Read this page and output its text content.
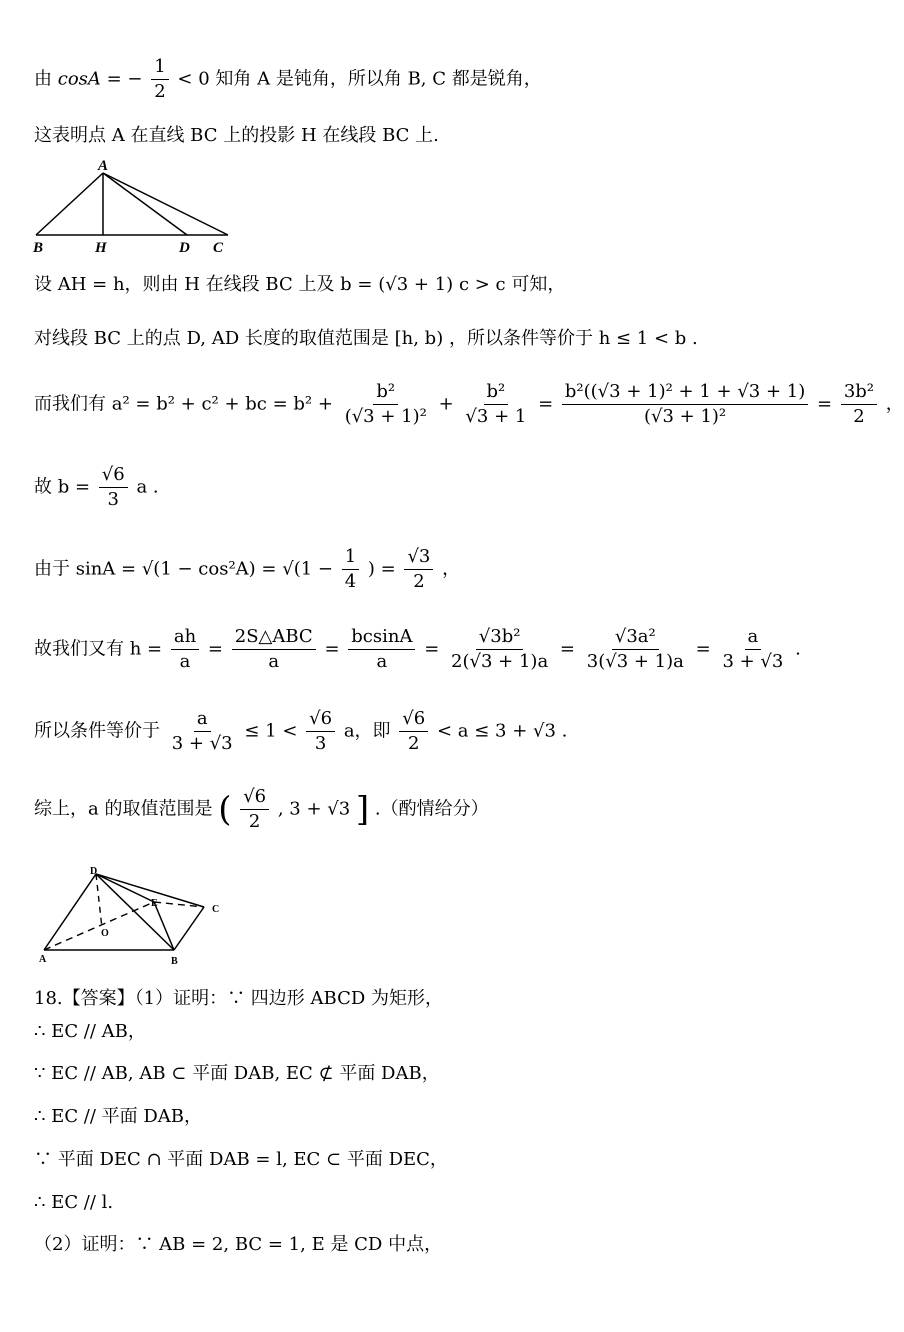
由 cosA = − $\frac{1}{2} < 0$ 知角 A 是钝角，所以角 B, C 都是锐角，
这表明点 A 在直线 BC 上的投影 H 在线段 BC 上.
A
B	H	D C
设 AH = h，则由 H 在线段 BC 上及 b = (√3 + 1) c > c 可知，
对线段 BC 上的点 D, AD 长度的取值范围是 [h, b) ，所以条件等价于 h ≤ 1 < b .
而我们有 a² = b² + c² + bc = $b^2 + \frac{\text{b²}}{\text{(√3 + 1)²}} + \frac{\text{b²}}{√3 + 1} = \frac{\text{b²((√3 + 1)² + 1 + √3 + 1)}}{\text{(√3 + 1)²}} = \frac{\text{3b²}}{2}$ ，
故 $b = \frac{√6}{3}$ a .
由于 $\sin A = √(1 - \cos^2A) = √(1 - \frac{1}{4}$ ) = $\frac{√3}{2}$ ，
故我们又有 $h = \frac{ah}{a} = \frac{\text{2S△ABC}}{a} = \frac{bcsinA}{a} = \frac{\text{√3b²}}{2(√3 + 1)a} = \frac{\text{√3a²}}{3(√3 + 1)a} = \frac{a}{3 + √3}$ .
所以条件等价于 $\frac{a}{3 + √3} \le 1 < \frac{√6}{3}$ a，即 $\frac{√6}{2} < a \le 3 + √3$ .
综上，a 的取值范围是 ( $\frac{√6}{2}$ , 3 + √3 ] .（酌情给分）
D
E
C
O
A	B
18.【答案】（1）证明：∵ 四边形 ABCD 为矩形，
∴ EC // AB，
∵ EC // AB, AB ⊂ 平面 DAB, EC ⊄ 平面 DAB，
∴ EC // 平面 DAB，
∵ 平面 DEC ∩ 平面 DAB = l, EC ⊂ 平面 DEC，
∴ EC // l.
（2）证明：∵ AB = 2, BC = 1, E 是 CD 中点，
